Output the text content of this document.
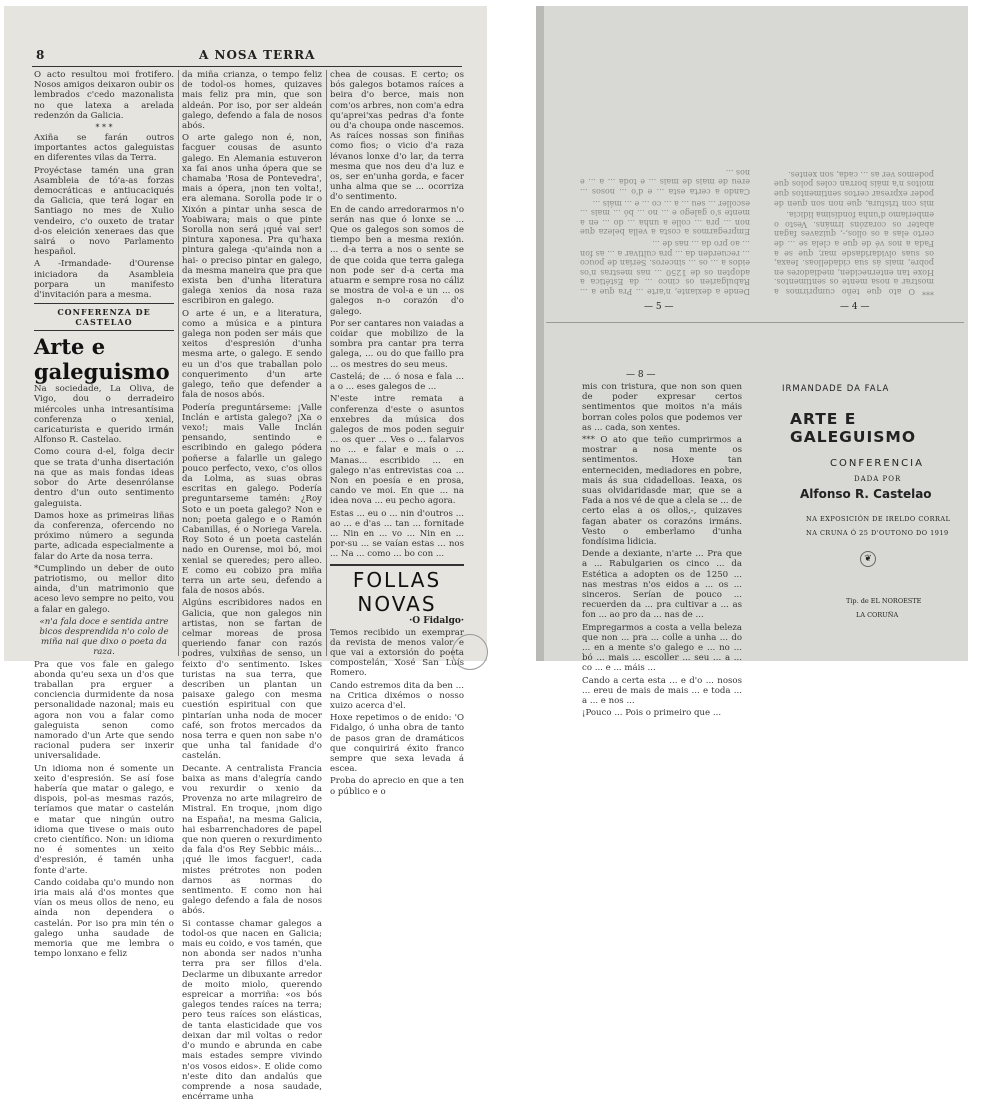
8	A NOSA TERRA

O acto resultou moi frotifero. Nosos amigos deixaron oubir os lembrados c'cedo mazonalista no que latexa a arelada redenzón da Galicia.

* * *

Axiña se farán outros importantes actos galeguistas en diferentes vilas da Terra.

Proyéctase tamén una gran Asambleia de tó'a-as forzas democráticas e antiucaciqués da Galicia, que terá logar en Santiago no mes de Xulio vendeiro, c'o ouxeto de tratar d-os eleición xeneraes das que sairá o novo Parlamento hespañol.

A -Irmandade- d'Ourense iniciadora da Asambleia porpara un manifesto d'invitación para a mesma.

CONFERENZA DE CASTELAO
Arte e galeguismo

Na sociedade, La Oliva, de Vigo, dou o derradeiro miércoles unha intresantísima conferenza o xenial, caricaturista e querido irmán Alfonso R. Castelao.

Como coura d-el, folga decir que se trata d'unha disertación na que as mais fondas ideas sobor do Arte desenrólanse dentro d'un outo sentimento galeguista.

Damos hoxe as primeiras liñas da conferenza, ofercendo no próximo número a segunda parte, adicada especialmente a falar do Arte da nosa terra.

*Cumplindo un deber de outo patriotismo, ou mellor dito ainda, d'un matrimonio que aceso levo sempre no peito, vou a falar en galego.

«n'a fala doce e sentida antre bicos desprendida n'o colo de miña nai que dixo o poeta da raza.

Pra que vos fale en galego abonda qu'eu sexa un d'os que traballan pra erguer a conciencia durmidente da nosa personalidade nazonal; mais eu agora non vou a falar como galeguista senon como namorado d'un Arte que sendo racional pudera ser inxerir universalidade.

Un idioma non é somente un xeito d'espresión. Se así fose habería que matar o galego, e dispois, pol-as mesmas razós, teríamos que matar o castelán e matar que ningún outro idioma que tivese o mais outo creto científico. Non: un idioma no é somentes un xeito d'espresión, é tamén unha fonte d'arte.

Cando coidaba qu'o mundo non iria mais alá d'os montes que vían os meus ollos de neno, eu ainda non dependera o castelán. Por iso pra min tén o galego unha saudade de memoria que me lembra o tempo lonxano e feliz

da miña crianza, o tempo feliz de todol-os homes, quizaves mais feliz pra min, que son aldeán. Por iso, por ser aldeán galego, defendo a fala de nosos abós.

O arte galego non é, non, facguer cousas de asunto galego. En Alemania estuveron xa fai anos unha ópera que se chamaba 'Rosa de Pontevedra', mais a ópera, ¡non ten volta!, era alemana. Sorolla pode ir o Xixón a pintar unha sesca de Yoabiwara; mais o que pinte Sorolla non será ¡qué vai ser! pintura xaponesa. Pra qu'haxa pintura galega -qu'ainda non a hai- o preciso pintar en galego, da mesma maneira que pra que exista ben d'unha literatura galega xenios da nosa raza escribiron en galego.

O arte é un, e a literatura, como a música e a pintura galega non poden ser máis que xeitos d'espresión d'unha mesma arte, o galego. E sendo eu un d'os que traballan polo conquerimento d'un arte galego, teño que defender a fala de nosos abós.

Podería preguntárseme: ¡Valle Inclán e artista galego? ¡Xa o vexo!; mais Valle Inclán pensando, sentindo e escribindo en galego pódera poñerse a falarlle un galego pouco perfecto, vexo, c'os ollos da Lolma, as suas obras escritas en galego. Podería preguntarseme tamén: ¿Roy Soto e un poeta galego? Non e non; poeta galego e o Ramón Cabanillas, é o Noriega Varela. Roy Soto é un poeta castelán nado en Ourense, moi bó, moi xenial se queredes; pero alleo. E como eu cobizo pra miña terra un arte seu, defendo a fala de nosos abós.

Algúns escribidores nados en Galicia, que non galegos nin artistas, non se fartan de celmar moreas de prosa queriendo fanar con razós podres, vulxiñas de senso, un feixto d'o sentimento. Iskes turistas na sua terra, que describen un plantan un paisaxe galego con mesma cuestión espiritual con que pintarían unha noda de mocer café, son frotos mercados da nosa terra e quen non sabe n'o que unha tal fanidade d'o castelán.

Decante. A centralista Francia baixa as mans d'alegría cando vou rexurdir o xenio da Provenza no arte milagreiro de Mistral. En troque, ¡nom digo na España!, na mesma Galicia, hai esbarrenchadores de papel que non queren o rexurdimento da fala d'os Rey Sebbic máis... ¡qué lle imos facguer!, cada mistes prétrotes non poden darnos as normas do sentimento. E como non hai galego defendo a fala de nosos abós.

Si contasse chamar galegos a todol-os que nacen en Galicia; mais eu coido, e vos tamén, que non abonda ser nados n'unha terra pra ser fillos d'ela. Declarme un dibuxante arredor de moito miolo, querendo espreicar a morriña: «os bós galegos tendes raíces na terra; pero teus raíces son elásticas, de tanta elasticidade que vos deixan dar mil voltas o redor d'o mundo e abrunda en cabe mais estades sempre vivindo n'os vosos eidos». E olide como n'este dito dan andalús que comprende a nosa saudade, encérrame unha

chea de cousas. E certo; os bós galegos botamos raíces a beira d'o berce, mais non com'os arbres, non com'a edra qu'aprei'xas pedras d'a fonte ou d'a choupa onde nascemos. As raíces nossas son finiñas como fios; o vicio d'a raza lévanos lonxe d'o lar, da terra mesma que nos deu d'a luz e os, ser en'unha gorda, e facer unha alma que se ... ocorriza d'o sentimento.

En de cando arredorarmos n'o serán nas que ó lonxe se ... Que os galegos son somos de tiempo ben a mesma rexión. ... d-a terra a nos o sente se de que coida que terra galega non pode ser d-a certa ma atuarm e sempre rosa no cáliz se mostra de vol-a e un ... os galegos n-o corazón d'o galego.

Por ser cantares non vaiadas a coidar que mobilizo de la sombra pra cantar pra terra galega, ... ou do que faillo pra ... os mestres do seu meus.

Castelá; de ... ó nosa e fala ... a o ... eses galegos de ...

N'este intre remata a conferenza d'este o asuntos enxebres da música dos galegos de mos poden seguir ... os quer ... Ves o ... falarvos no ... e falar e mais o ... Manas... escribido ... en galego n'as entrevistas coa ... Non en poesía e en prosa, cando ve moi. En que ... na idea nova ... eu pecho agora.

Estas ... eu o ... nin d'outros ... ao ... e d'as ... tan ... fornitade ... Nin en ... vo ... Nin en ... por-su ... se vaían estas ... nos ... Na ... como ... bo con ...

FOLLAS NOVAS
·O Fidalgo·

Temos recibido un exemprar da revista de menos valor e que vai a extorsión do poeta compostelán, Xosé San Luís Romero.

Cando estremos dita da ben ... na Critica dixémos o nosso xuizo acerca d'el.

Hoxe repetimos o de enido: 'O Fidalgo, ó unha obra de tanto de pasos gran de dramáticos que conquirirá éxito franco sempre que sexa levada á escea.

Proba do aprecio en que a ten o público e o

Dende a dexiante, n'arte ... Pra que a ... Rabulgarien os cinco ... da Estética a adopten os de 1250 ... nas mestras n'os eidos a ... os ... sinceros. Serían de pouco ... recuerden da ... pra cultivar a ... as fon ... ao pro da ... nas de ...

Empregarmos a costa a vella beleza que non ... pra ... colle a unha ... do ... en a mente s'o galego e ... no ... bó ... mais ... escoller ... seu ... a ... co ... e ... máis ...

Cando a certa esta ... e d'o ... nosos ... ereu de mais de mais ... e toda ... a ... e nos ...

*** O ato que teño cumprirmos a mostrar a nosa mente os sentimentos. Hoxe tan enterneciden, mediadores en pobre, mais ás sua cidadelloas. Ieaxa, os suas olvidaridasde mar, que se a Fada a nos vé de que a clela se ... de certo elas a os ollos,-, quizaves fagan abater os corazóns irmáns. Vesto o emberlamo d'unha fondísima lidicia.

mis con tristura, que non son quen de poder expresar certos sentimentos que moitos n'a máis borran coles polos que podemos ver as ... cada, son xentes.

— 5 —	— 4 —
— 8 —

mis con tristura, que non son quen de poder expresar certos sentimentos que moitos n'a máis borran coles polos que podemos ver as ... cada, son xentes.

*** O ato que teño cumprirmos a mostrar a nosa mente os sentimentos. Hoxe tan enterneciden, mediadores en pobre, mais ás sua cidadelloas. Ieaxa, os suas olvidaridasde mar, que se a Fada a nos vé de que a clela se ... de certo elas a os ollos,-, quizaves fagan abater os corazóns irmáns. Vesto o emberlamo d'unha fondísima lidicia.

Dende a dexiante, n'arte ... Pra que a ... Rabulgarien os cinco ... da Estética a adopten os de 1250 ... nas mestras n'os eidos a ... os ... sinceros. Serían de pouco ... recuerden da ... pra cultivar a ... as fon ... ao pro da ... nas de ...

Empregarmos a costa a vella beleza que non ... pra ... colle a unha ... do ... en a mente s'o galego e ... no ... bó ... mais ... escoller ... seu ... a ... co ... e ... máis ...

Cando a certa esta ... e d'o ... nosos ... ereu de mais de mais ... e toda ... a ... e nos ...

¡Pouco ... Pois o primeiro que ...

IRMANDADE DA FALA
ARTE E GALEGUISMO
CONFERENCIA
DADA POR
Alfonso R. Castelao
NA EXPOSICIÓN DE IRELDO CORRAL
NA CRUNA Ó 25 D'OUTONO DO 1919
❦
Tip. de EL NOROESTE
LA CORUÑA
